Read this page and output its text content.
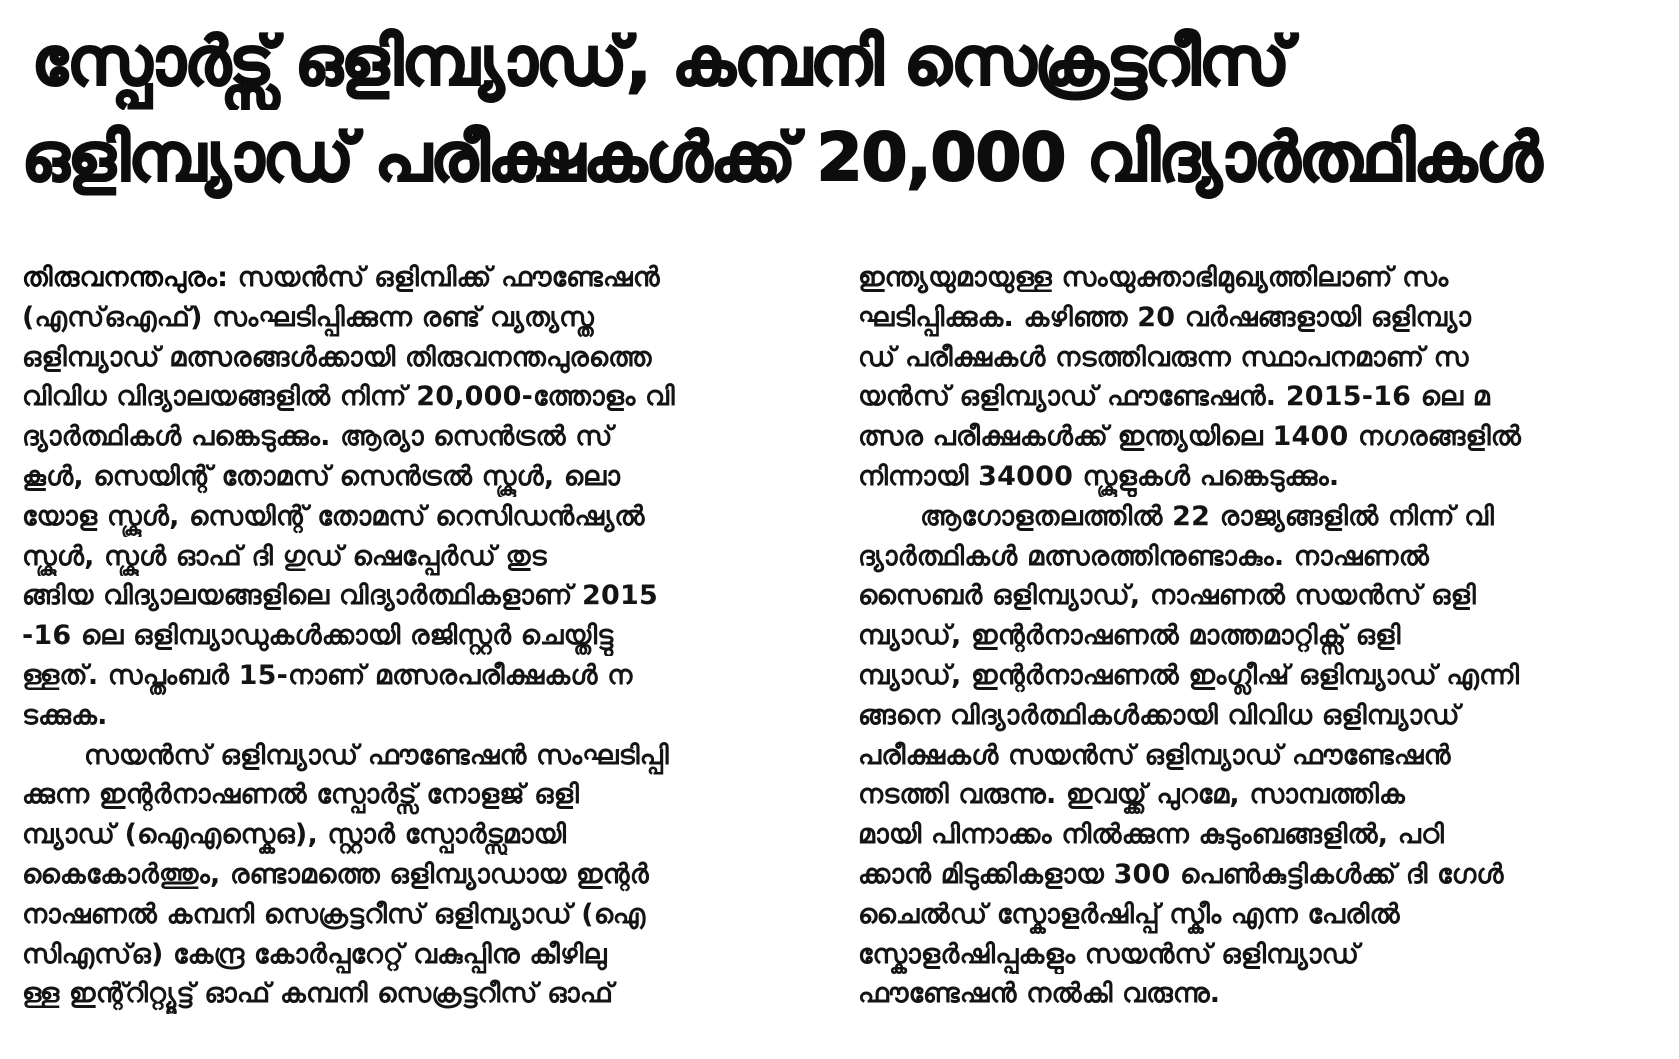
സ്പോർട്സ് ഒളിമ്പ്യാഡ്, കമ്പനി സെക്രട്ടറീസ്
ഒളിമ്പ്യാഡ് പരീക്ഷകൾക്ക് 20,000 വിദ്യാർത്ഥികൾ
തിരുവനന്തപുരം: സയൻസ് ഒളിമ്പിക്ക് ഫൗണ്ടേഷൻ
(എസ്ഒഎഫ്) സംഘടിപ്പിക്കുന്ന രണ്ട് വ്യത്യസ്ത
ഒളിമ്പ്യാഡ് മത്സരങ്ങൾക്കായി തിരുവനന്തപുരത്തെ
വിവിധ വിദ്യാലയങ്ങളിൽ നിന്ന് 20,000-ത്തോളം വി
ദ്യാർത്ഥികൾ പങ്കെടുക്കും. ആര്യാ സെൻട്രൽ സ്
കൂൾ, സെയിന്റ് തോമസ് സെൻട്രൽ സ്കൂൾ, ലൊ
യോള സ്കൂൾ, സെയിന്റ് തോമസ് റെസിഡൻഷ്യൽ
സ്കൂൾ, സ്കൂൾ ഓഫ് ദി ഗുഡ് ഷെപ്പേർഡ് തുട
ങ്ങിയ വിദ്യാലയങ്ങളിലെ വിദ്യാർത്ഥികളാണ് 2015
-16 ലെ ഒളിമ്പ്യാഡുകൾക്കായി രജിസ്റ്റർ ചെയ്തിട്ടു
ള്ളത്. സപ്തംബർ 15-നാണ് മത്സരപരീക്ഷകൾ ന
ടക്കുക.
സയൻസ് ഒളിമ്പ്യാഡ് ഫൗണ്ടേഷൻ സംഘടിപ്പി
ക്കുന്ന ഇന്റർനാഷണൽ സ്പോർട്സ് നോളജ് ഒളി
മ്പ്യാഡ് (ഐഎസ്കെഒ), സ്റ്റാർ സ്പോർട്സുമായി
കൈകോർത്തും, രണ്ടാമത്തെ ഒളിമ്പ്യാഡായ ഇന്റർ
നാഷണൽ കമ്പനി സെക്രട്ടറീസ് ഒളിമ്പ്യാഡ് (ഐ
സിഎസ്ഒ) കേന്ദ്ര കോർപ്പറേറ്റ് വകുപ്പിനു കീഴിലു
ള്ള ഇന്റ്റിറ്റ്യൂട്ട് ഓഫ് കമ്പനി സെക്രട്ടറീസ് ഓഫ്
ഇന്ത്യയുമായുള്ള സംയുക്താഭിമുഖ്യത്തിലാണ് സം
ഘടിപ്പിക്കുക. കഴിഞ്ഞ 20 വർഷങ്ങളായി ഒളിമ്പ്യാ
ഡ് പരീക്ഷകൾ നടത്തിവരുന്ന സ്ഥാപനമാണ് സ
യൻസ് ഒളിമ്പ്യാഡ് ഫൗണ്ടേഷൻ. 2015-16 ലെ മ
ത്സര പരീക്ഷകൾക്ക് ഇന്ത്യയിലെ 1400 നഗരങ്ങളിൽ
നിന്നായി 34000 സ്കൂളുകൾ പങ്കെടുക്കും.
ആഗോളതലത്തിൽ 22 രാജ്യങ്ങളിൽ നിന്ന് വി
ദ്യാർത്ഥികൾ മത്സരത്തിനുണ്ടാകും. നാഷണൽ
സൈബർ ഒളിമ്പ്യാഡ്, നാഷണൽ സയൻസ് ഒളി
മ്പ്യാഡ്, ഇന്റർനാഷണൽ മാത്തമാറ്റിക്സ് ഒളി
മ്പ്യാഡ്, ഇന്റർനാഷണൽ ഇംഗ്ലീഷ് ഒളിമ്പ്യാഡ് എന്നി
ങ്ങനെ വിദ്യാർത്ഥികൾക്കായി വിവിധ ഒളിമ്പ്യാഡ്
പരീക്ഷകൾ സയൻസ് ഒളിമ്പ്യാഡ് ഫൗണ്ടേഷൻ
നടത്തി വരുന്നു. ഇവയ്ക്ക് പുറമേ, സാമ്പത്തിക
മായി പിന്നാക്കം നിൽക്കുന്ന കുടുംബങ്ങളിൽ, പഠി
ക്കാൻ മിടുക്കികളായ 300 പെൺകുട്ടികൾക്ക് ദി ഗേൾ
ചൈൽഡ് സ്കോളർഷിപ്പ് സ്കീം എന്ന പേരിൽ
സ്കോളർഷിപ്പുകളും സയൻസ് ഒളിമ്പ്യാഡ്
ഫൗണ്ടേഷൻ നൽകി വരുന്നു.
